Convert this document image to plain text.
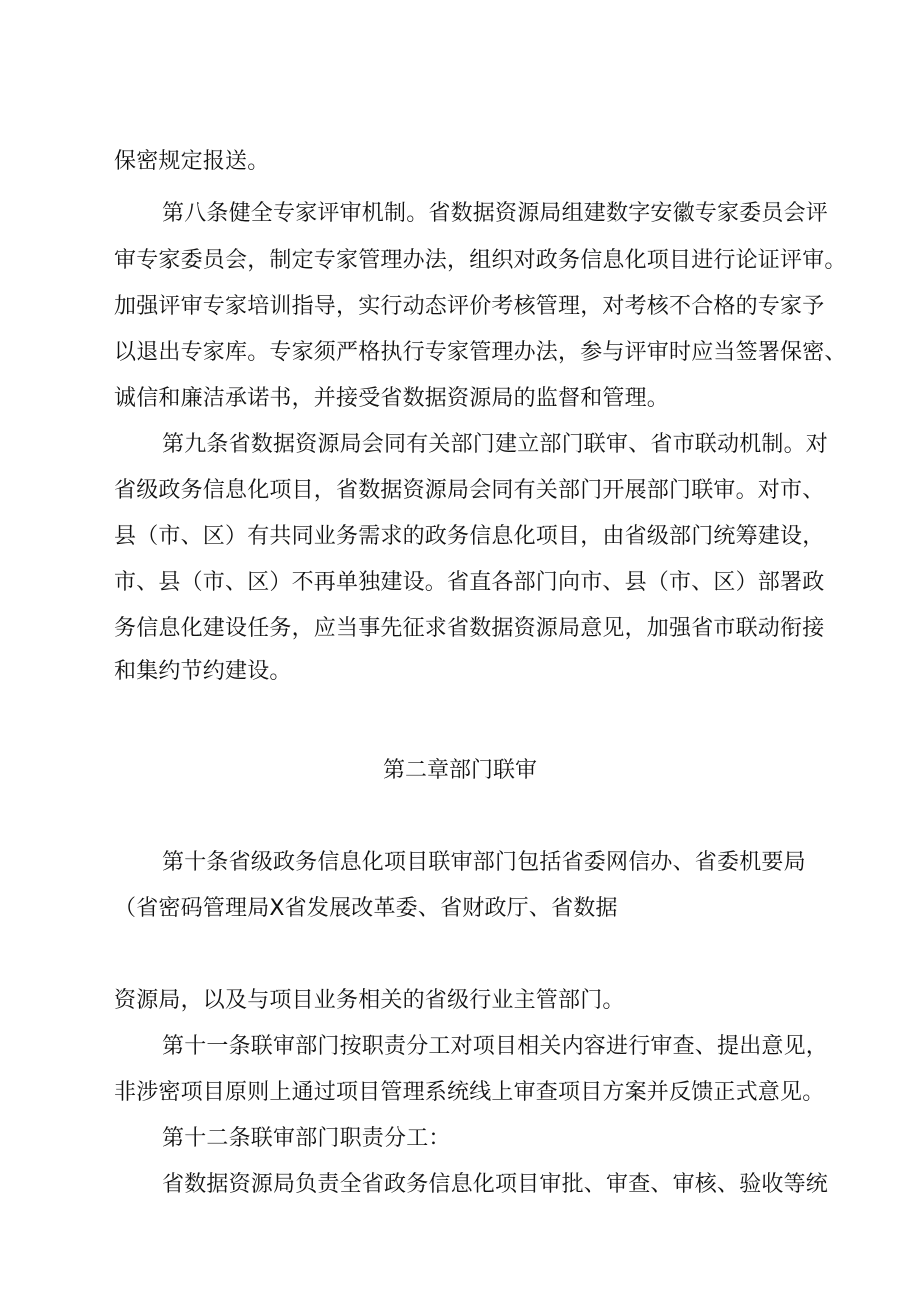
保密规定报送。
第八条健全专家评审机制。省数据资源局组建数字安徽专家委员会评
审专家委员会，制定专家管理办法，组织对政务信息化项目进行论证评审。
加强评审专家培训指导，实行动态评价考核管理，对考核不合格的专家予
以退出专家库。专家须严格执行专家管理办法，参与评审时应当签署保密、
诚信和廉洁承诺书，并接受省数据资源局的监督和管理。
第九条省数据资源局会同有关部门建立部门联审、省市联动机制。对
省级政务信息化项目，省数据资源局会同有关部门开展部门联审。对市、
县（市、区）有共同业务需求的政务信息化项目，由省级部门统筹建设，
市、县（市、区）不再单独建设。省直各部门向市、县（市、区）部署政
务信息化建设任务，应当事先征求省数据资源局意见，加强省市联动衔接
和集约节约建设。
第二章部门联审
第十条省级政务信息化项目联审部门包括省委网信办、省委机要局
（省密码管理局X省发展改革委、省财政厅、省数据
资源局，以及与项目业务相关的省级行业主管部门。
第十一条联审部门按职责分工对项目相关内容进行审查、提出意见，
非涉密项目原则上通过项目管理系统线上审查项目方案并反馈正式意见。
第十二条联审部门职责分工：
省数据资源局负责全省政务信息化项目审批、审查、审核、验收等统
